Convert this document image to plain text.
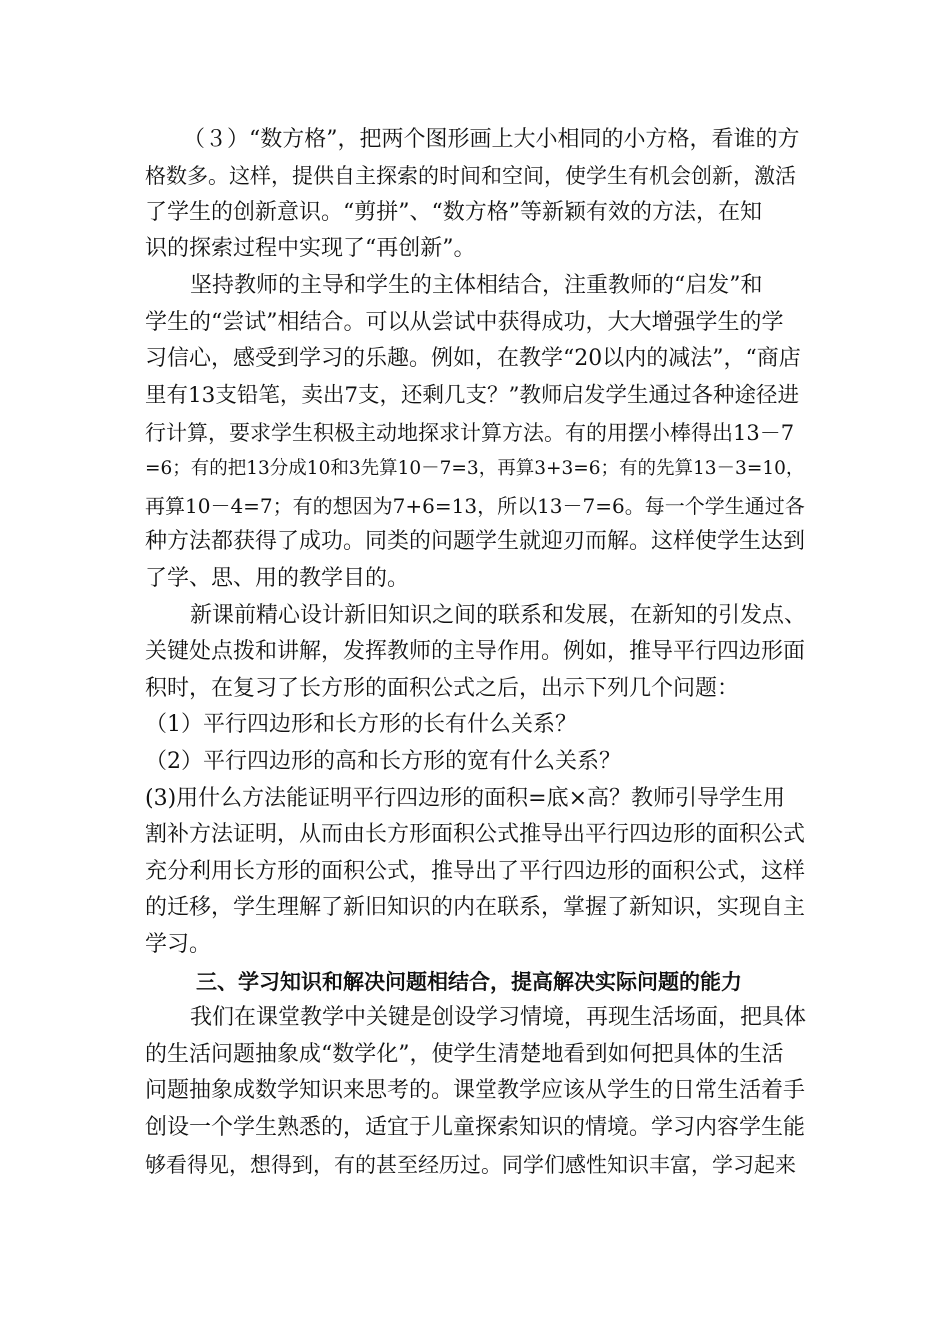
（３）“数方格”，把两个图形画上大小相同的小方格，看谁的方
格数多。这样，提供自主探索的时间和空间，使学生有机会创新，激活
了学生的创新意识。“剪拼”、“数方格”等新颖有效的方法，在知
识的探索过程中实现了“再创新”。
坚持教师的主导和学生的主体相结合，注重教师的“启发”和
学生的“尝试”相结合。可以从尝试中获得成功，大大增强学生的学
习信心，感受到学习的乐趣。例如，在教学“20以内的减法”，“商店
里有13支铅笔，卖出7支，还剩几支？”教师启发学生通过各种途径进
行计算，要求学生积极主动地探求计算方法。有的用摆小棒得出13－7
=6；有的把13分成10和3先算10－7=3，再算3+3=6；有的先算13－3=10，
再算10－4=7；有的想因为7+6=13，所以13－7=6。每一个学生通过各
种方法都获得了成功。同类的问题学生就迎刃而解。这样使学生达到
了学、思、用的教学目的。
新课前精心设计新旧知识之间的联系和发展，在新知的引发点、
关键处点拨和讲解，发挥教师的主导作用。例如，推导平行四边形面
积时，在复习了长方形的面积公式之后，出示下列几个问题：
（1）平行四边形和长方形的长有什么关系？
（2）平行四边形的高和长方形的宽有什么关系？
(3)用什么方法能证明平行四边形的面积=底×高？教师引导学生用
割补方法证明，从而由长方形面积公式推导出平行四边形的面积公式
充分利用长方形的面积公式，推导出了平行四边形的面积公式，这样
的迁移，学生理解了新旧知识的内在联系，掌握了新知识，实现自主
学习。
三、学习知识和解决问题相结合，提高解决实际问题的能力
我们在课堂教学中关键是创设学习情境，再现生活场面，把具体
的生活问题抽象成“数学化”，使学生清楚地看到如何把具体的生活
问题抽象成数学知识来思考的。课堂教学应该从学生的日常生活着手
创设一个学生熟悉的，适宜于儿童探索知识的情境。学习内容学生能
够看得见，想得到，有的甚至经历过。同学们感性知识丰富，学习起来
